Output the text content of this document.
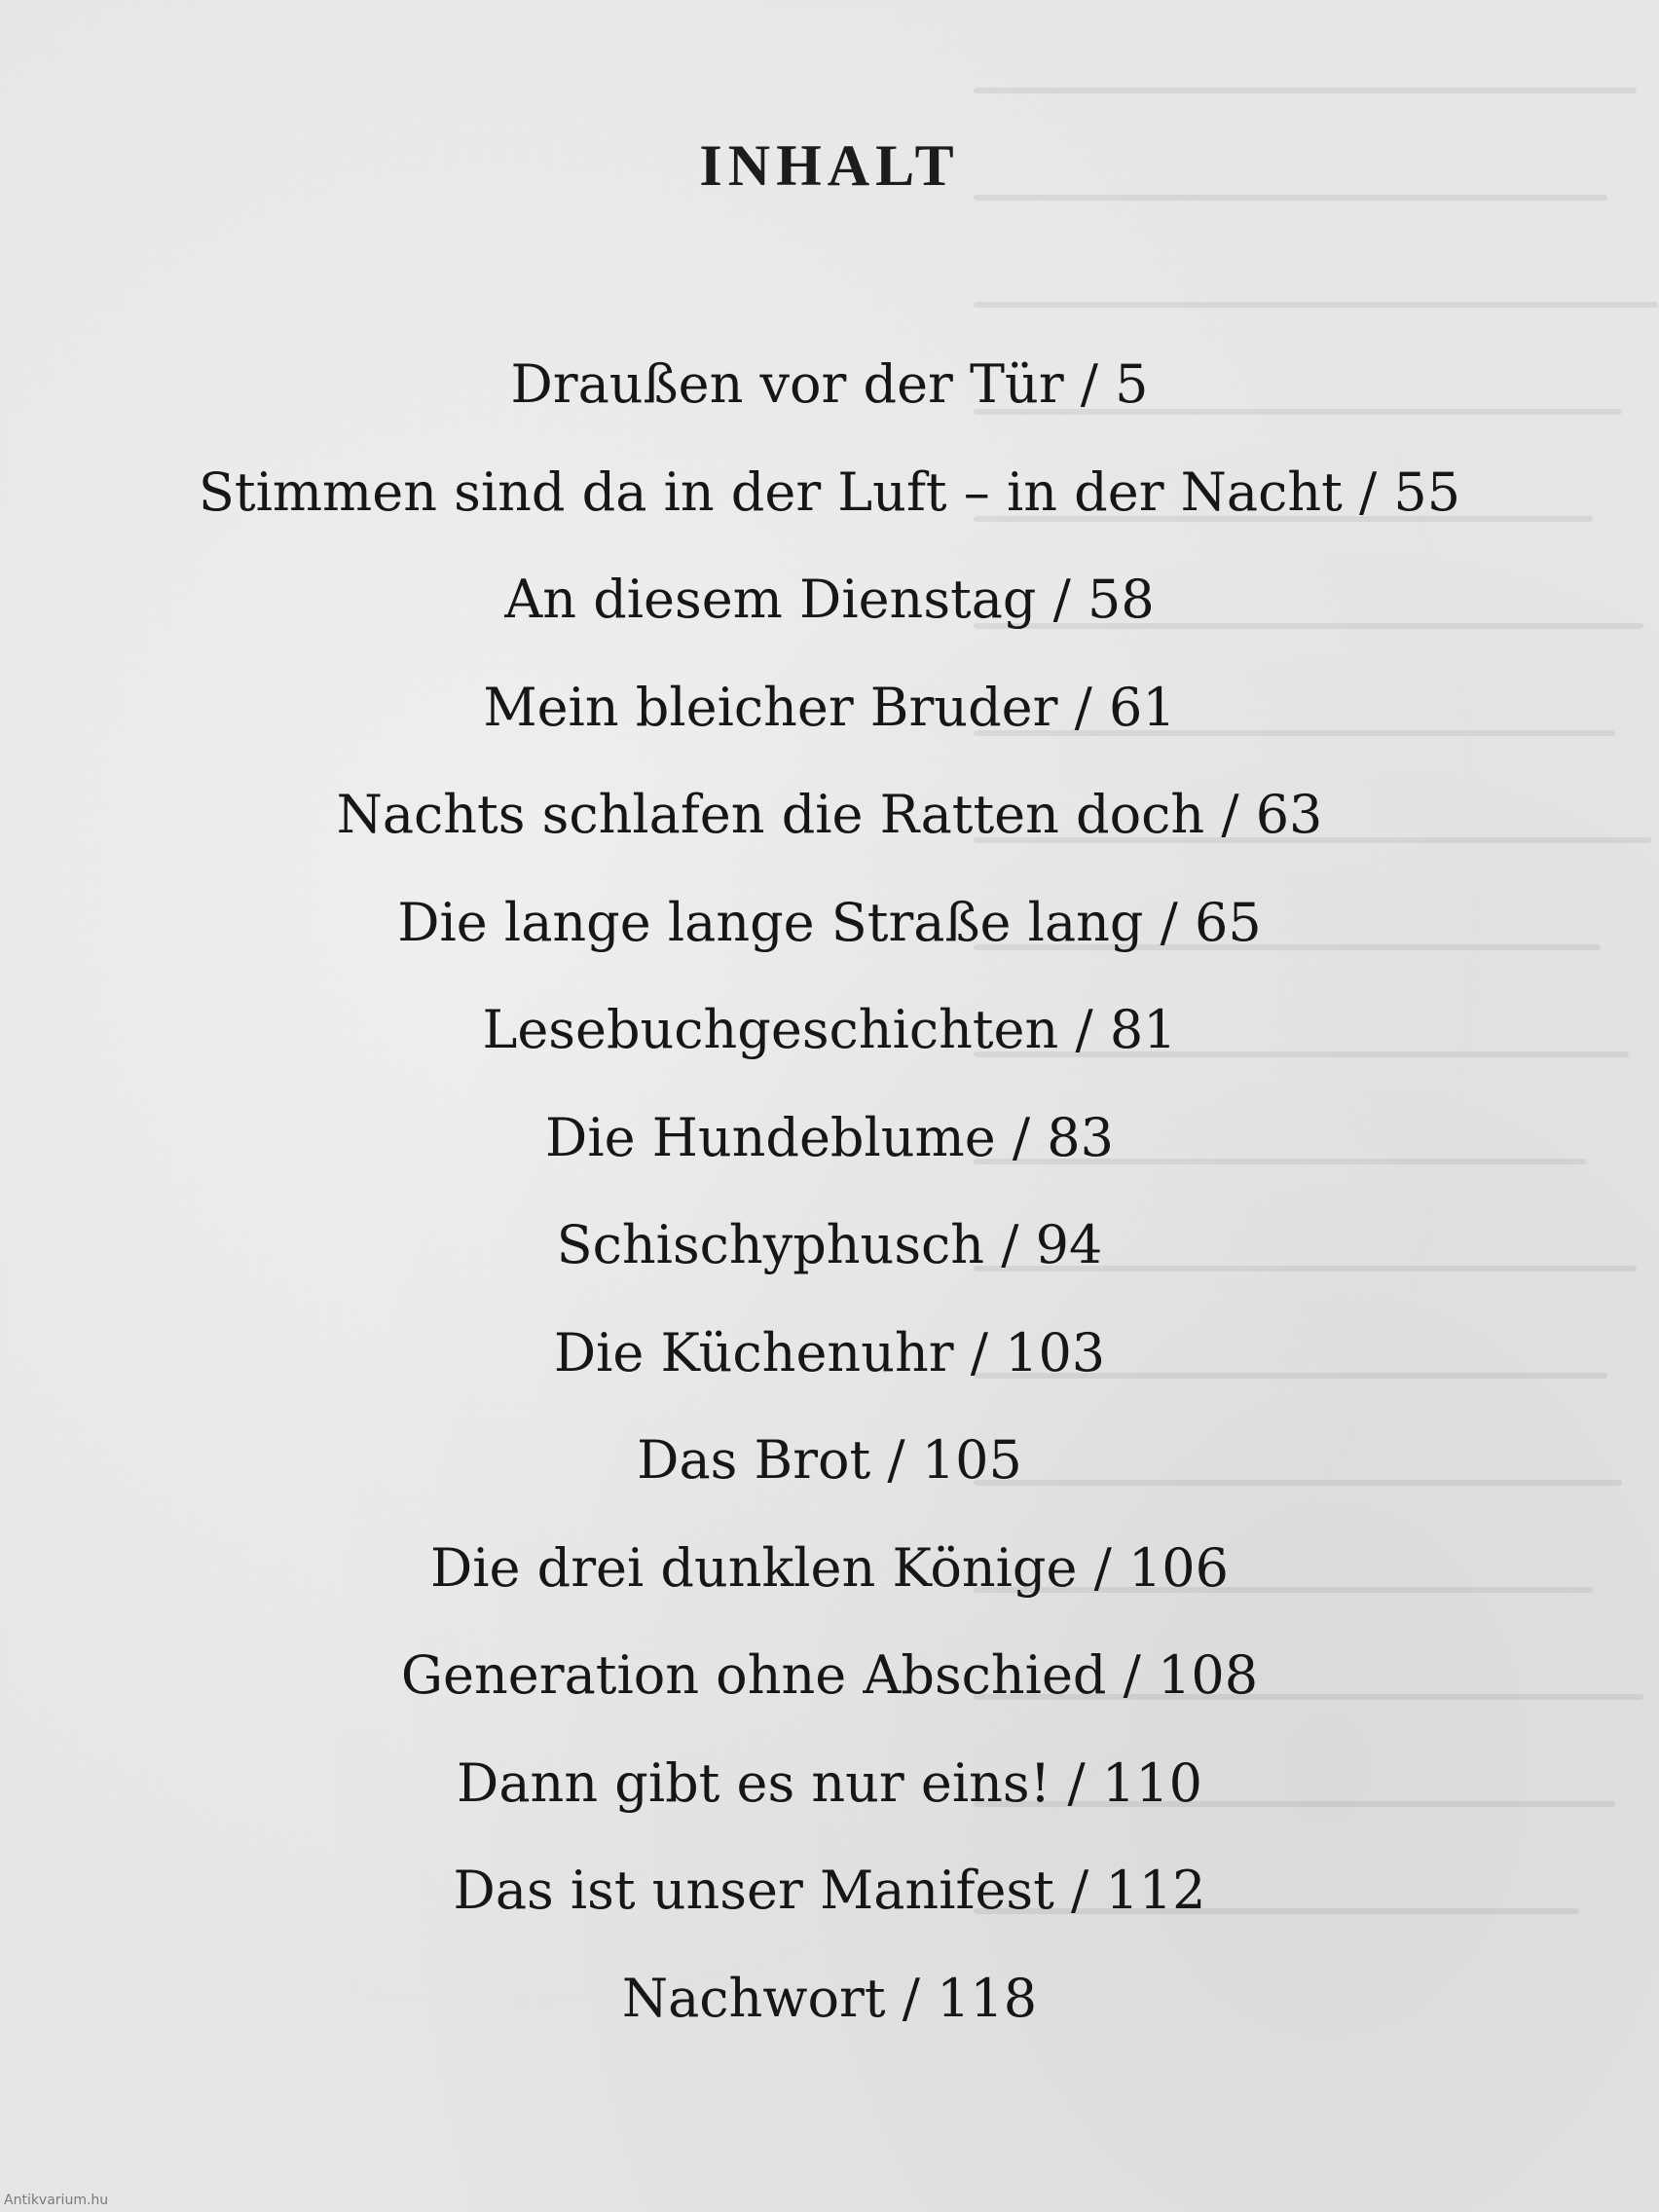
INHALT
Draußen vor der Tür / 5
Stimmen sind da in der Luft – in der Nacht / 55
An diesem Dienstag / 58
Mein bleicher Bruder / 61
Nachts schlafen die Ratten doch / 63
Die lange lange Straße lang / 65
Lesebuchgeschichten / 81
Die Hundeblume / 83
Schischyphusch / 94
Die Küchenuhr / 103
Das Brot / 105
Die drei dunklen Könige / 106
Generation ohne Abschied / 108
Dann gibt es nur eins! / 110
Das ist unser Manifest / 112
Nachwort / 118
Antikvarium.hu
